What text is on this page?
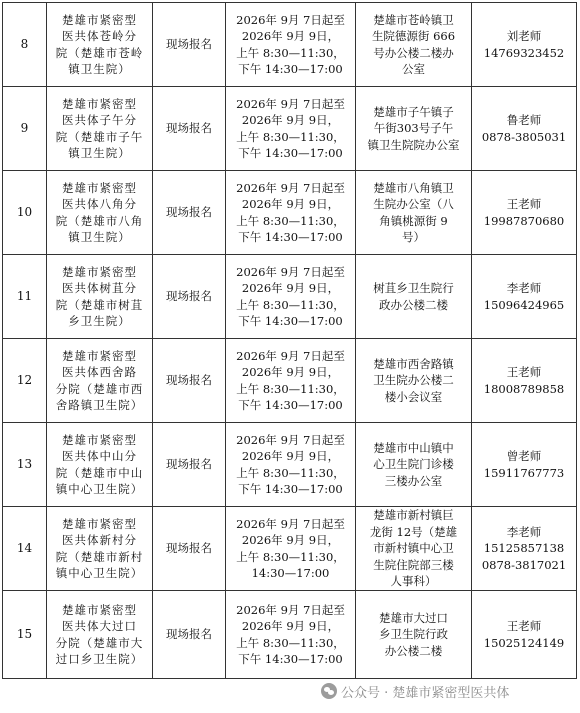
8	楚雄市紧密型
医共体苍岭分
院（楚雄市苍岭
镇卫生院）	现场报名	2026年 9月 7日起至
2026年 9月 9日，
上午 8:30—11:30，
下午 14:30—17:00	楚雄市苍岭镇卫
生院德源街 666
号办公楼二楼办
公室	刘老师
14769323452

9	楚雄市紧密型
医共体子午分
院（楚雄市子午
镇卫生院）	现场报名	2026年 9月 7日起至
2026年 9月 9日，
上午 8:30—11:30，
下午 14:30—17:00	楚雄市子午镇子
午街303号子午
镇卫生院院办公室	鲁老师
0878-3805031

10	楚雄市紧密型
医共体八角分
院（楚雄市八角
镇卫生院）	现场报名	2026年 9月 7日起至
2026年 9月 9日，
上午 8:30—11:30，
下午 14:30—17:00	楚雄市八角镇卫
生院办公室（八
角镇桃源街 9
号）	王老师
19987870680

11	楚雄市紧密型
医共体树苴分
院（楚雄市树苴
乡卫生院）	现场报名	2026年 9月 7日起至
2026年 9月 9日，
上午 8:30—11:30，
下午 14:30—17:00	树苴乡卫生院行
政办公楼二楼	李老师
15096424965

12	楚雄市紧密型
医共体西舍路
分院（楚雄市西
舍路镇卫生院）	现场报名	2026年 9月 7日起至
2026年 9月 9日，
上午 8:30—11:30，
下午 14:30—17:00	楚雄市西舍路镇
卫生院办公楼二
楼小会议室	王老师
18008789858

13	楚雄市紧密型
医共体中山分
院（楚雄市中山
镇中心卫生院）	现场报名	2026年 9月 7日起至
2026年 9月 9日，
上午 8:30—11:30，
下午 14:30—17:00	楚雄市中山镇中
心卫生院门诊楼
三楼办公室	曾老师
15911767773

14	楚雄市紧密型
医共体新村分
院（楚雄市新村
镇中心卫生院）	现场报名	2026年 9月 7日起至
2026年 9月 9日，
上午 8:30—11:30，
14:30—17:00	楚雄市新村镇巨
龙街 12号（楚雄
市新村镇中心卫
生院住院部三楼
人事科）	李老师
15125857138
0878-3817021

15	楚雄市紧密型
医共体大过口
分院（楚雄市大
过口乡卫生院）	现场报名	2026年 9月 7日起至
2026年 9月 9日，
上午 8:30—11:30，
下午 14:30—17:00	楚雄市大过口
乡卫生院行政
办公楼二楼	王老师
15025124149
公众号 · 楚雄市紧密型医共体
